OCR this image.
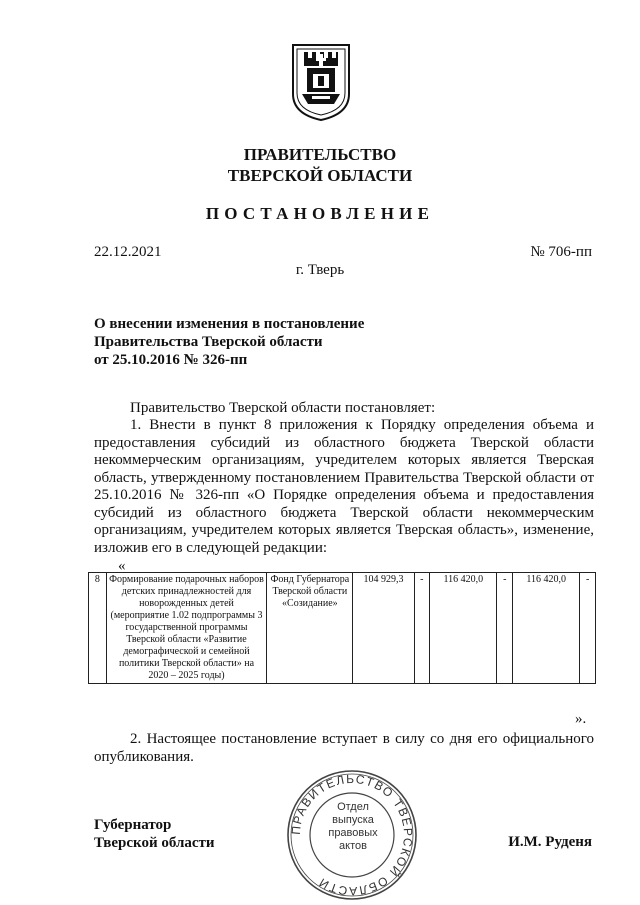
ПРАВИТЕЛЬСТВО
ТВЕРСКОЙ ОБЛАСТИ
ПОСТАНОВЛЕНИЕ
22.12.2021	№ 706-пп
г. Тверь
О внесении изменения в постановление
Правительства Тверской области
от 25.10.2016 № 326-пп
Правительство Тверской области постановляет:
1. Внести в пункт 8 приложения к Порядку определения объема и предоставления субсидий из областного бюджета Тверской области некоммерческим организациям, учредителем которых является Тверская область, утвержденному постановлением Правительства Тверской области от 25.10.2016 № 326-пп «О Порядке определения объема и предоставления субсидий из областного бюджета Тверской области некоммерческим организациям, учредителем которых является Тверская область», изменение, изложив его в следующей редакции:
«
8	Формирование подарочных наборов детских принадлежностей для новорожденных детей (мероприятие 1.02 подпрограммы 3 государственной программы Тверской области «Развитие демографической и семейной политики Тверской области» на 2020 – 2025 годы)	Фонд Губернатора Тверской области «Созидание»	104 929,3	-	116 420,0	-	116 420,0	-
».
2. Настоящее постановление вступает в силу со дня его официального опубликования.
Губернатор
Тверской области	И.М. Руденя
ПРАВИТЕЛЬСТВО ТВЕРСКОЙ ОБЛАСТИ
Отдел
выпуска
правовых
актов
